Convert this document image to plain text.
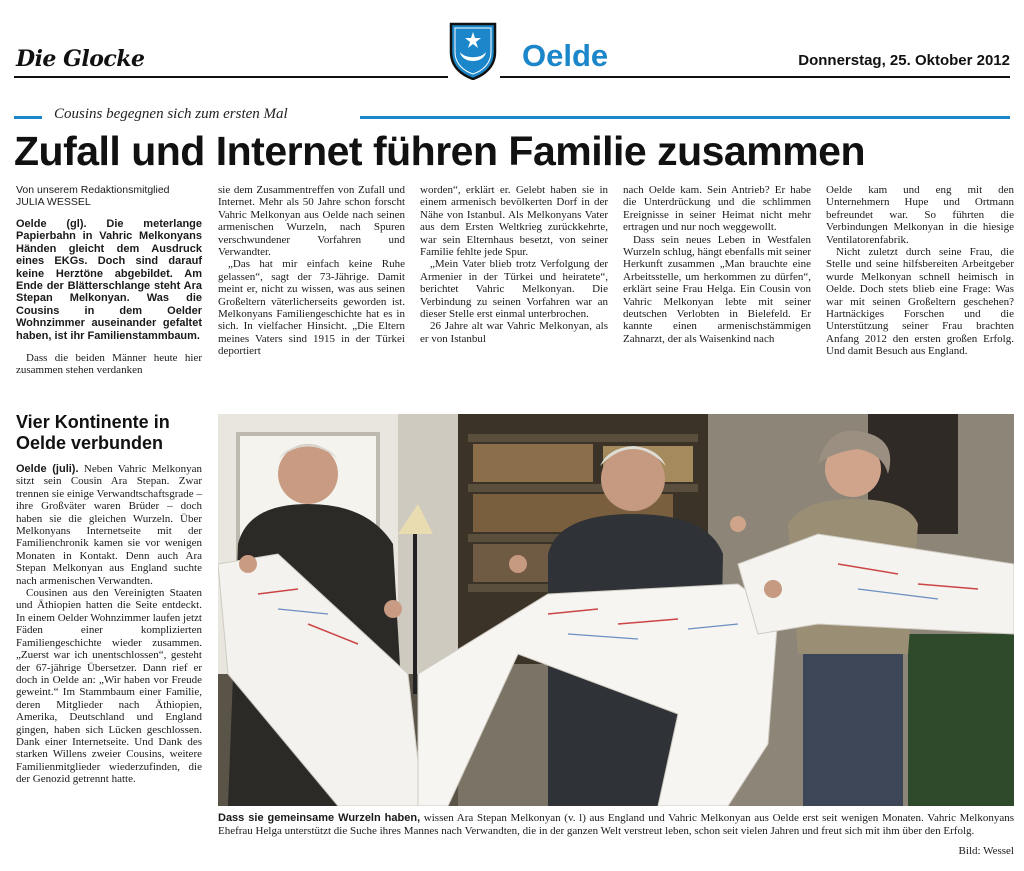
Die Glocke	Oelde	Donnerstag, 25. Oktober 2012
Cousins begegnen sich zum ersten Mal
Zufall und Internet führen Familie zusammen
Von unserem Redaktionsmitglied
JULIA WESSEL
Oelde (gl). Die meterlange Papierbahn in Vahric Melkonyans Händen gleicht dem Ausdruck eines EKGs. Doch sind darauf keine Herztöne abgebildet. Am Ende der Blätterschlange steht Ara Stepan Melkonyan. Was die Cousins in dem Oelder Wohnzimmer auseinander gefaltet haben, ist ihr Familienstammbaum.

Dass die beiden Männer heute hier zusammen stehen verdanken

sie dem Zusammentreffen von Zufall und Internet. Mehr als 50 Jahre schon forscht Vahric Melkonyan aus Oelde nach seinen armenischen Wurzeln, nach Spuren verschwundener Vorfahren und Verwandter.

„Das hat mir einfach keine Ruhe gelassen“, sagt der 73-Jährige. Damit meint er, nicht zu wissen, was aus seinen Großeltern väterlicherseits geworden ist. Melkonyans Familiengeschichte hat es in sich. In vielfacher Hinsicht. „Die Eltern meines Vaters sind 1915 in der Türkei deportiert

worden“, erklärt er. Gelebt haben sie in einem armenisch bevölkerten Dorf in der Nähe von Istanbul. Als Melkonyans Vater aus dem Ersten Weltkrieg zurückkehrte, war sein Elternhaus besetzt, von seiner Familie fehlte jede Spur.

„Mein Vater blieb trotz Verfolgung der Armenier in der Türkei und heiratete“, berichtet Vahric Melkonyan. Die Verbindung zu seinen Vorfahren war an dieser Stelle erst einmal unterbrochen.

26 Jahre alt war Vahric Melkonyan, als er von Istanbul

nach Oelde kam. Sein Antrieb? Er habe die Unterdrückung und die schlimmen Ereignisse in seiner Heimat nicht mehr ertragen und nur noch weggewollt.

Dass sein neues Leben in Westfalen Wurzeln schlug, hängt ebenfalls mit seiner Herkunft zusammen „Man brauchte eine Arbeitsstelle, um herkommen zu dürfen“, erklärt seine Frau Helga. Ein Cousin von Vahric Melkonyan lebte mit seiner deutschen Verlobten in Bielefeld. Er kannte einen armenischstämmigen Zahnarzt, der als Waisenkind nach

Oelde kam und eng mit den Unternehmern Hupe und Ortmann befreundet war. So führten die Verbindungen Melkonyan in die hiesige Ventilatorenfabrik.

Nicht zuletzt durch seine Frau, die Stelle und seine hilfsbereiten Arbeitgeber wurde Melkonyan schnell heimisch in Oelde. Doch stets blieb eine Frage: Was war mit seinen Großeltern geschehen? Hartnäckiges Forschen und die Unterstützung seiner Frau brachten Anfang 2012 den ersten großen Erfolg. Und damit Besuch aus England.

Vier Kontinente in Oelde verbunden

Oelde (juli). Neben Vahric Melkonyan sitzt sein Cousin Ara Stepan. Zwar trennen sie einige Verwandtschaftsgrade – ihre Großväter waren Brüder – doch haben sie die gleichen Wurzeln. Über Melkonyans Internetseite mit der Familienchronik kamen sie vor wenigen Monaten in Kontakt. Denn auch Ara Stepan Melkonyan aus England suchte nach armenischen Verwandten.

Cousinen aus den Vereinigten Staaten und Äthiopien hatten die Seite entdeckt. In einem Oelder Wohnzimmer laufen jetzt Fäden einer komplizierten Familiengeschichte wieder zusammen. „Zuerst war ich unentschlossen“, gesteht der 67-jährige Übersetzer. Dann rief er doch in Oelde an: „Wir haben vor Freude geweint.“ Im Stammbaum einer Familie, deren Mitglieder nach Äthiopien, Amerika, Deutschland und England gingen, haben sich Lücken geschlossen. Dank einer Internetseite. Und Dank des starken Willens zweier Cousins, weitere Familienmitglieder wiederzufinden, die der Genozid getrennt hatte.

Dass sie gemeinsame Wurzeln haben, wissen Ara Stepan Melkonyan (v. l) aus England und Vahric Melkonyan aus Oelde erst seit wenigen Monaten. Vahric Melkonyans Ehefrau Helga unterstützt die Suche ihres Mannes nach Verwandten, die in der ganzen Welt verstreut leben, schon seit vielen Jahren und freut sich mit ihm über den Erfolg.
Bild: Wessel
